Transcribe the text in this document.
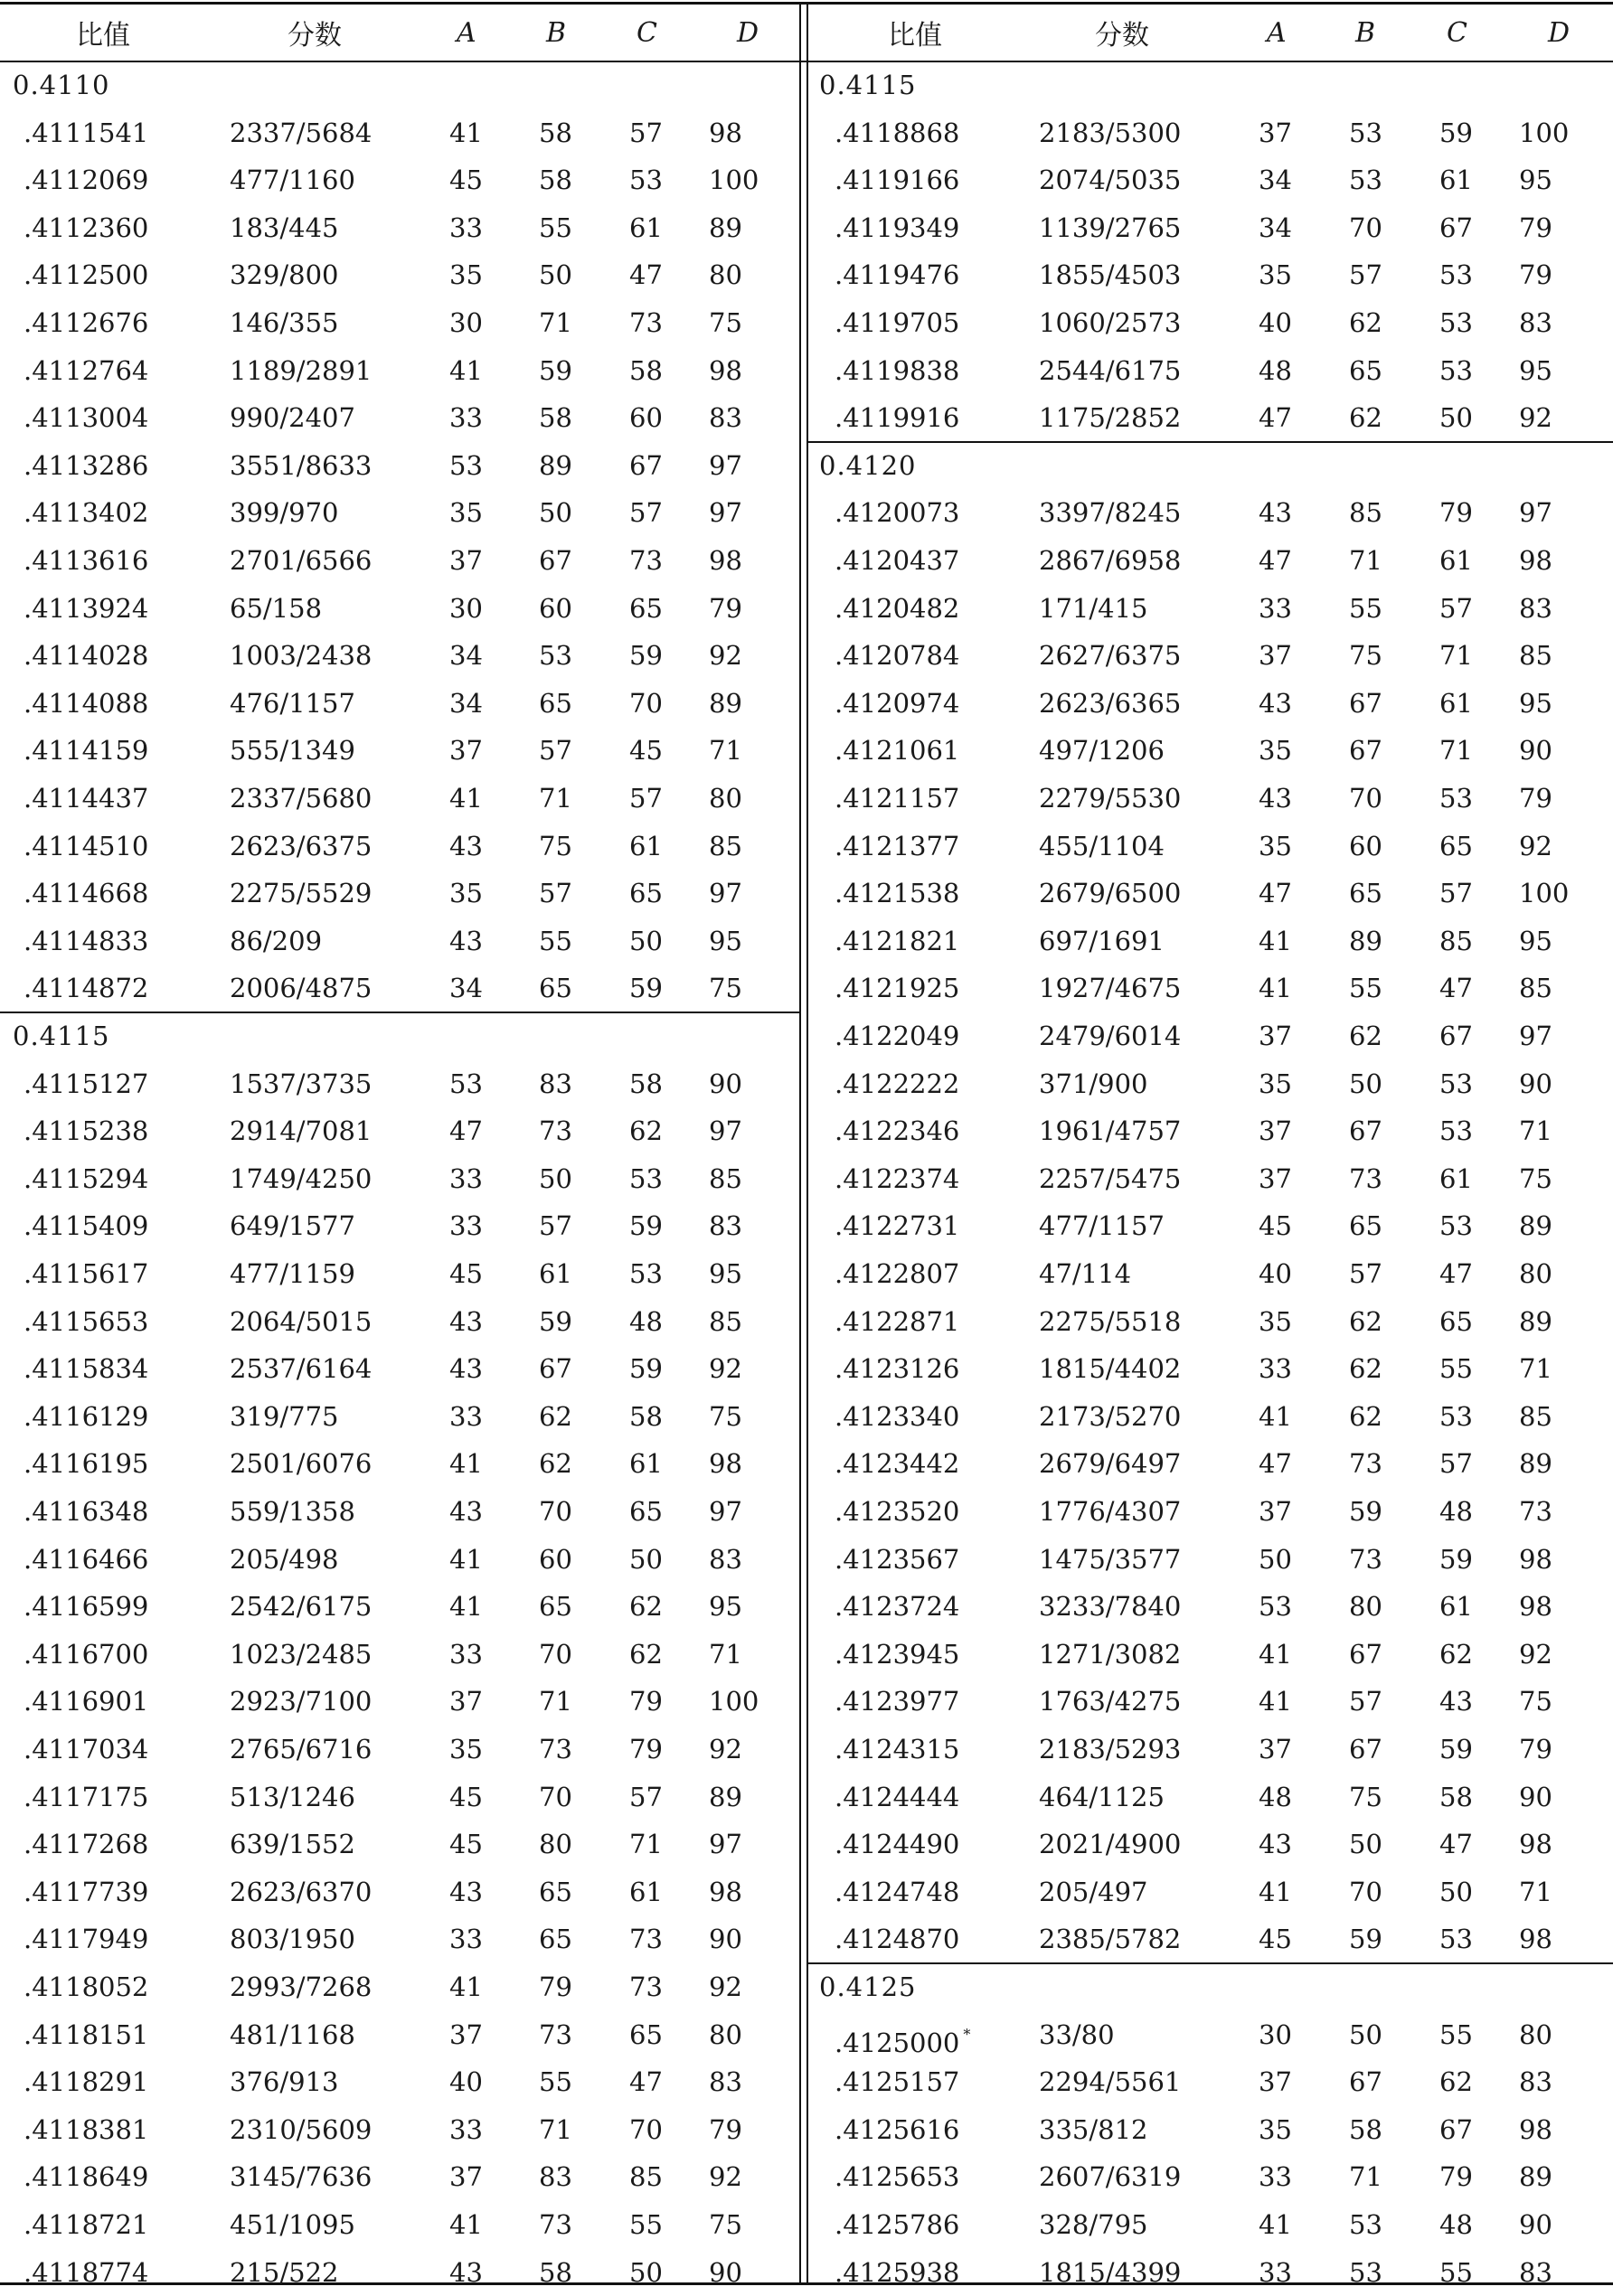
比值	分数	A	B	C	D
0.4110
.4111541	2337/5684	41 58 57 98
.4112069	477/1160	45 58 53 100
.4112360	183/445	33 55 61 89
.4112500	329/800	35 50 47 80
.4112676	146/355	30 71 73 75
.4112764	1189/2891	41 59 58 98
.4113004	990/2407	33 58 60 83
.4113286	3551/8633	53 89 67 97
.4113402	399/970	35 50 57 97
.4113616	2701/6566	37 67 73 98
.4113924	65/158	30 60 65 79
.4114028	1003/2438	34 53 59 92
.4114088	476/1157	34 65 70 89
.4114159	555/1349	37 57 45 71
.4114437	2337/5680	41 71 57 80
.4114510	2623/6375	43 75 61 85
.4114668	2275/5529	35 57 65 97
.4114833	86/209	43 55 50 95
.4114872	2006/4875	34 65 59 75
0.4115
.4115127	1537/3735	53 83 58 90
.4115238	2914/7081	47 73 62 97
.4115294	1749/4250	33 50 53 85
.4115409	649/1577	33 57 59 83
.4115617	477/1159	45 61 53 95
.4115653	2064/5015	43 59 48 85
.4115834	2537/6164	43 67 59 92
.4116129	319/775	33 62 58 75
.4116195	2501/6076	41 62 61 98
.4116348	559/1358	43 70 65 97
.4116466	205/498	41 60 50 83
.4116599	2542/6175	41 65 62 95
.4116700	1023/2485	33 70 62 71
.4116901	2923/7100	37 71 79 100
.4117034	2765/6716	35 73 79 92
.4117175	513/1246	45 70 57 89
.4117268	639/1552	45 80 71 97
.4117739	2623/6370	43 65 61 98
.4117949	803/1950	33 65 73 90
.4118052	2993/7268	41 79 73 92
.4118151	481/1168	37 73 65 80
.4118291	376/913	40 55 47 83
.4118381	2310/5609	33 71 70 79
.4118649	3145/7636	37 83 85 92
.4118721	451/1095	41 73 55 75
.4118774	215/522	43 58 50 90
比值	分数	A	B	C	D
0.4115
.4118868	2183/5300	37 53 59 100
.4119166	2074/5035	34 53 61 95
.4119349	1139/2765	34 70 67 79
.4119476	1855/4503	35 57 53 79
.4119705	1060/2573	40 62 53 83
.4119838	2544/6175	48 65 53 95
.4119916	1175/2852	47 62 50 92
0.4120
.4120073	3397/8245	43 85 79 97
.4120437	2867/6958	47 71 61 98
.4120482	171/415	33 55 57 83
.4120784	2627/6375	37 75 71 85
.4120974	2623/6365	43 67 61 95
.4121061	497/1206	35 67 71 90
.4121157	2279/5530	43 70 53 79
.4121377	455/1104	35 60 65 92
.4121538	2679/6500	47 65 57 100
.4121821	697/1691	41 89 85 95
.4121925	1927/4675	41 55 47 85
.4122049	2479/6014	37 62 67 97
.4122222	371/900	35 50 53 90
.4122346	1961/4757	37 67 53 71
.4122374	2257/5475	37 73 61 75
.4122731	477/1157	45 65 53 89
.4122807	47/114	40 57 47 80
.4122871	2275/5518	35 62 65 89
.4123126	1815/4402	33 62 55 71
.4123340	2173/5270	41 62 53 85
.4123442	2679/6497	47 73 57 89
.4123520	1776/4307	37 59 48 73
.4123567	1475/3577	50 73 59 98
.4123724	3233/7840	53 80 61 98
.4123945	1271/3082	41 67 62 92
.4123977	1763/4275	41 57 43 75
.4124315	2183/5293	37 67 59 79
.4124444	464/1125	48 75 58 90
.4124490	2021/4900	43 50 47 98
.4124748	205/497	41 70 50 71
.4124870	2385/5782	45 59 53 98
0.4125
.4125000 *	33/80	30 50 55 80
.4125157	2294/5561	37 67 62 83
.4125616	335/812	35 58 67 98
.4125653	2607/6319	33 71 79 89
.4125786	328/795	41 53 48 90
.4125938	1815/4399	33 53 55 83
